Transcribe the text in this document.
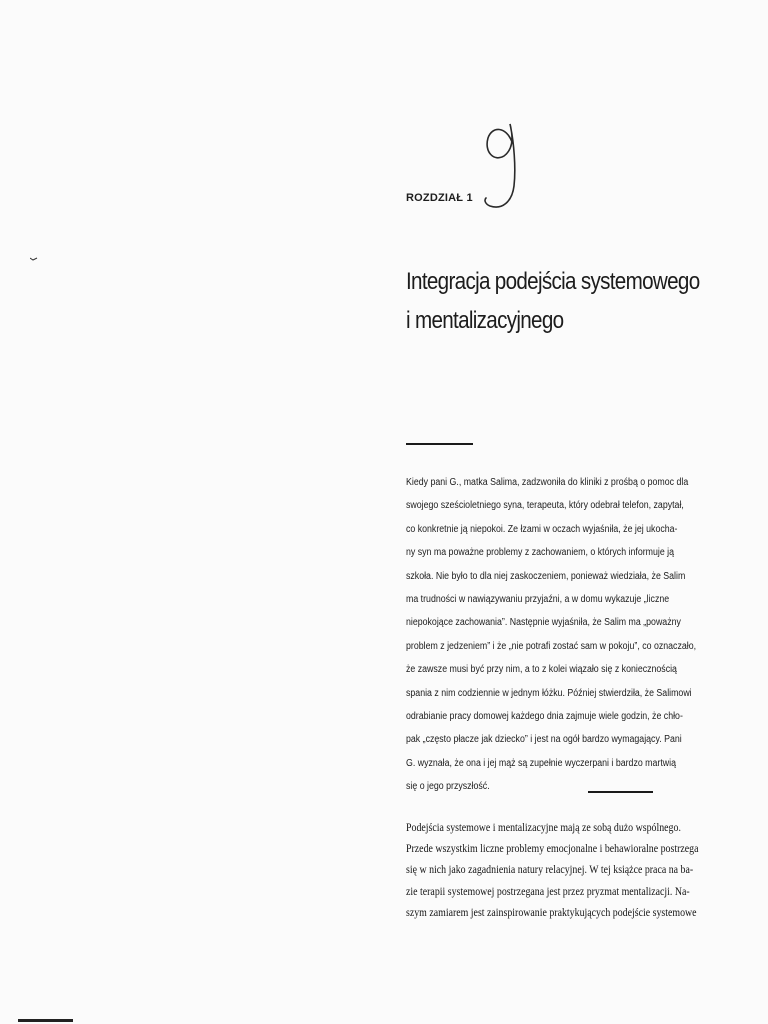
ROZDZIAŁ 1
Integracja podejścia systemowego
i mentalizacyjnego
Kiedy pani G., matka Salima, zadzwoniła do kliniki z prośbą o pomoc dla
swojego sześcioletniego syna, terapeuta, który odebrał telefon, zapytał,
co konkretnie ją niepokoi. Ze łzami w oczach wyjaśniła, że jej ukocha-
ny syn ma poważne problemy z zachowaniem, o których informuje ją
szkoła. Nie było to dla niej zaskoczeniem, ponieważ wiedziała, że Salim
ma trudności w nawiązywaniu przyjaźni, a w domu wykazuje „liczne
niepokojące zachowania”. Następnie wyjaśniła, że Salim ma „poważny
problem z jedzeniem” i że „nie potrafi zostać sam w pokoju”, co oznaczało,
że zawsze musi być przy nim, a to z kolei wiązało się z koniecznością
spania z nim codziennie w jednym łóżku. Później stwierdziła, że Salimowi
odrabianie pracy domowej każdego dnia zajmuje wiele godzin, że chło-
pak „często płacze jak dziecko” i jest na ogół bardzo wymagający. Pani
G. wyznała, że ona i jej mąż są zupełnie wyczerpani i bardzo martwią
się o jego przyszłość.
Podejścia systemowe i mentalizacyjne mają ze sobą dużo wspólnego.
Przede wszystkim liczne problemy emocjonalne i behawioralne postrzega
się w nich jako zagadnienia natury relacyjnej. W tej książce praca na ba-
zie terapii systemowej postrzegana jest przez pryzmat mentalizacji. Na-
szym zamiarem jest zainspirowanie praktykujących podejście systemowe
